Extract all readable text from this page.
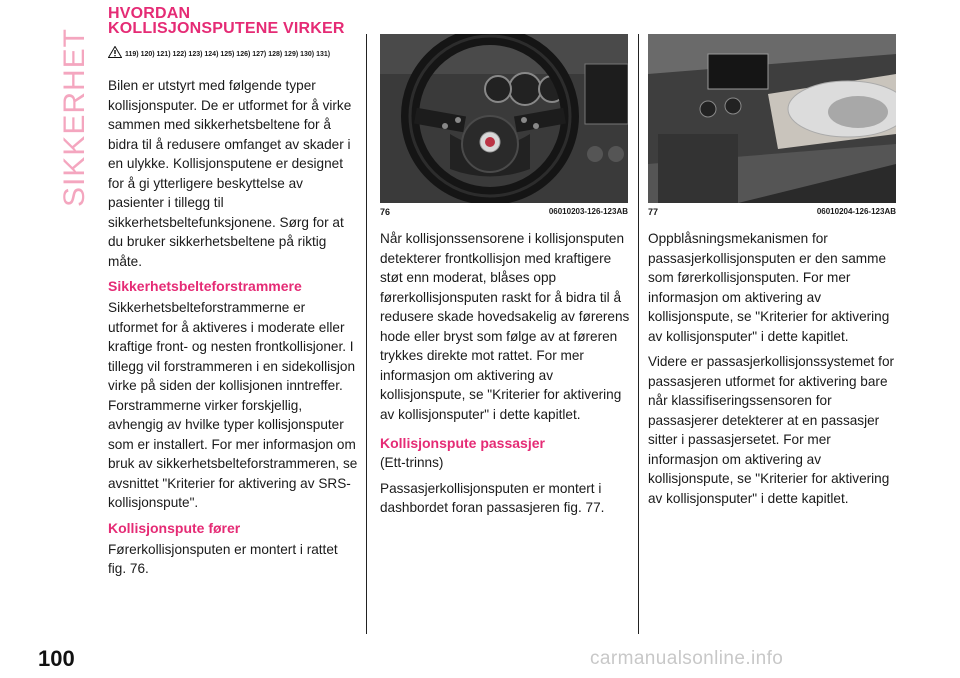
SIKKERHET
HVORDAN KOLLISJONSPUTENE VIRKER
119) 120) 121) 122) 123) 124) 125) 126) 127) 128) 129) 130) 131)

Bilen er utstyrt med følgende typer kollisjonsputer. De er utformet for å virke sammen med sikkerhetsbeltene for å bidra til å redusere omfanget av skader i en ulykke. Kollisjonsputene er designet for å gi ytterligere beskyttelse av pasienter i tillegg til sikkerhetsbeltefunksjonene. Sørg for at du bruker sikkerhetsbeltene på riktig måte.

Sikkerhetsbelteforstrammere

Sikkerhetsbelteforstrammerne er utformet for å aktiveres i moderate eller kraftige front- og nesten frontkollisjoner. I tillegg vil forstrammeren i en sidekollisjon virke på siden der kollisjonen inntreffer. Forstrammerne virker forskjellig, avhengig av hvilke typer kollisjonsputer som er installert. For mer informasjon om bruk av sikkerhetsbelteforstrammeren, se avsnittet "Kriterier for aktivering av SRS-kollisjonspute".

Kollisjonspute fører

Førerkollisjonsputen er montert i rattet fig. 76.

76	06010203-126-123AB

Når kollisjonssensorene i kollisjonsputen detekterer frontkollisjon med kraftigere støt enn moderat, blåses opp førerkollisjonsputen raskt for å bidra til å redusere skade hovedsakelig av førerens hode eller bryst som følge av at føreren trykkes direkte mot rattet. For mer informasjon om aktivering av kollisjonspute, se "Kriterier for aktivering av kollisjonsputer" i dette kapitlet.

Kollisjonspute passasjer

(Ett-trinns)

Passasjerkollisjonsputen er montert i dashbordet foran passasjeren fig. 77.

77	06010204-126-123AB

Oppblåsningsmekanismen for passasjerkollisjonsputen er den samme som førerkollisjonsputen. For mer informasjon om aktivering av kollisjonspute, se "Kriterier for aktivering av kollisjonsputer" i dette kapitlet.

Videre er passasjerkollisjonssystemet for passasjeren utformet for aktivering bare når klassifiseringssensoren for passasjerer detekterer at en passasjer sitter i passasjersetet. For mer informasjon om aktivering av kollisjonspute, se "Kriterier for aktivering av kollisjonsputer" i dette kapitlet.

100	carmanualsonline.info
